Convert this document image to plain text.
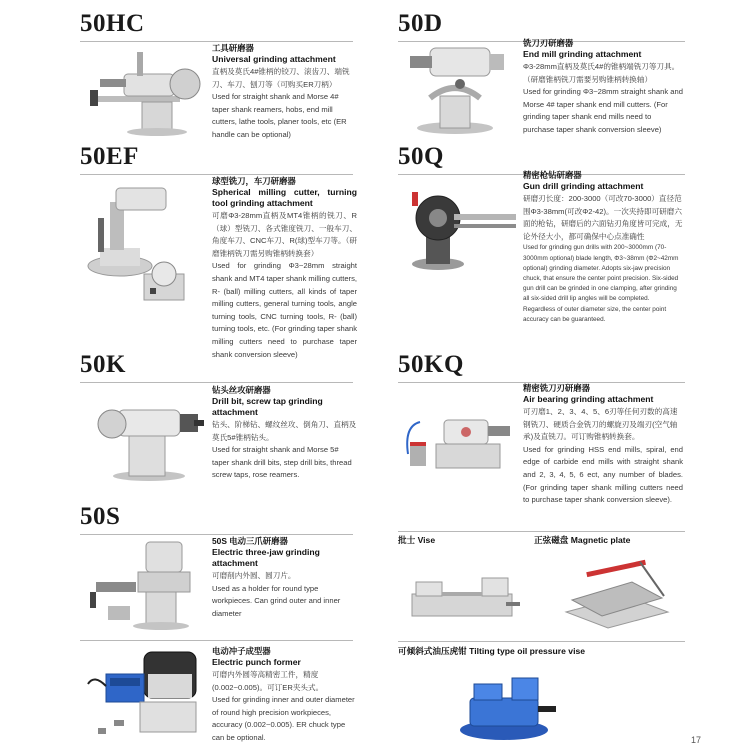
50HC

工具研磨器

Universal grinding attachment

直柄及莫氏4#锥柄的铰刀、滚齿刀、端铣刀、车刀、刨刀等（可购买ER刀柄）

Used for straight shank and Morse 4# taper shank reamers, hobs, end mill cutters, lathe tools, planer tools, etc (ER handle can be optional)

50D

铣刀刃研磨器

End mill grinding attachment

Φ3-28mm直柄及莫氏4#的锥柄端铣刀等刀具。（研磨锥柄铣刀需要另购锥柄转换轴）

Used for grinding Φ3~28mm straight shank and Morse 4# taper shank end mill cutters. (For grinding taper shank end mills need to purchase taper shank conversion sleeve)

50EF

球型铣刀，车刀研磨器

Spherical milling cutter, turning tool grinding attachment

可磨Φ3-28mm直柄及MT4锥柄的铣刀、R（球）型铣刀、各式锥度铣刀、一般车刀、角度车刀、CNC车刀、R(球)型车刀等。（研磨锥柄铣刀需另购锥柄转换套）

Used for grinding Φ3~28mm straight shank and MT4 taper shank milling cutters, R- (ball) milling cutters, all kinds of taper milling cutters, general turning tools, angle turning tools, CNC turning tools, R- (ball) turning tools, etc. (For grinding taper shank milling cutters need to purchase taper shank conversion sleeve)

50Q

精密枪钻研磨器

Gun drill grinding attachment

研磨刃长度：200-3000（可改70-3000）直径范围Φ3-38mm(可改Φ2-42)。一次夹持即可研磨六面的枪钻，研磨后的六面钻刃角度皆可完成，无论外径大小，都可确保中心点准确性

Used for grinding gun drills with 200~3000mm (70-3000mm optional) blade length, Φ3~38mm (Φ2~42mm optional) grinding diameter. Adopts six-jaw precision chuck, that ensure the center point precision. Six-sided gun drill can be grinded in one clamping, after grinding all six-sided drill lip angles will be completed. Regardless of outer diameter size, the center point accuracy can be guaranteed.

50K

钻头丝攻研磨器

Drill bit, screw tap grinding attachment

钻头、阶梯钻、螺纹丝攻、倒角刀、直柄及莫氏5#锥柄钻头。

Used for straight shank and Morse 5# taper shank drill bits, step drill bits, thread screw taps, rose reamers.

50KQ

精密铣刀刃研磨器

Air bearing grinding attachment

可刃磨1、2、3、4、5、6刃等任何刃数的高速钢铣刀、硬质合金铣刀的螺旋刃及端刃(空气轴承)及直铣刀。可订购锥柄转换套。

Used for grinding HSS end mills, spiral, end edge of carbide end mills with straight shank and 2, 3, 4, 5, 6 ect, any number of blades. (For grinding taper shank milling cutters need to purchase taper shank conversion sleeve).

50S

50S 电动三爪研磨器

Electric three-jaw grinding attachment

可磨削内外圆、圆刀片。

Used as a holder for round type workpieces. Can grind outer and inner diameter

电动冲子成型器

Electric punch former

可磨内外圆等高精密工件，精度(0.002~0.005)。可订ER夹头式。

Used for grinding inner and outer diameter of round high precision workpieces, accuracy (0.002~0.005). ER chuck type can be optional.

批士 Vise	正弦磁盘 Magnetic plate
可倾斜式油压虎钳 Tilting type oil pressure vise
17
